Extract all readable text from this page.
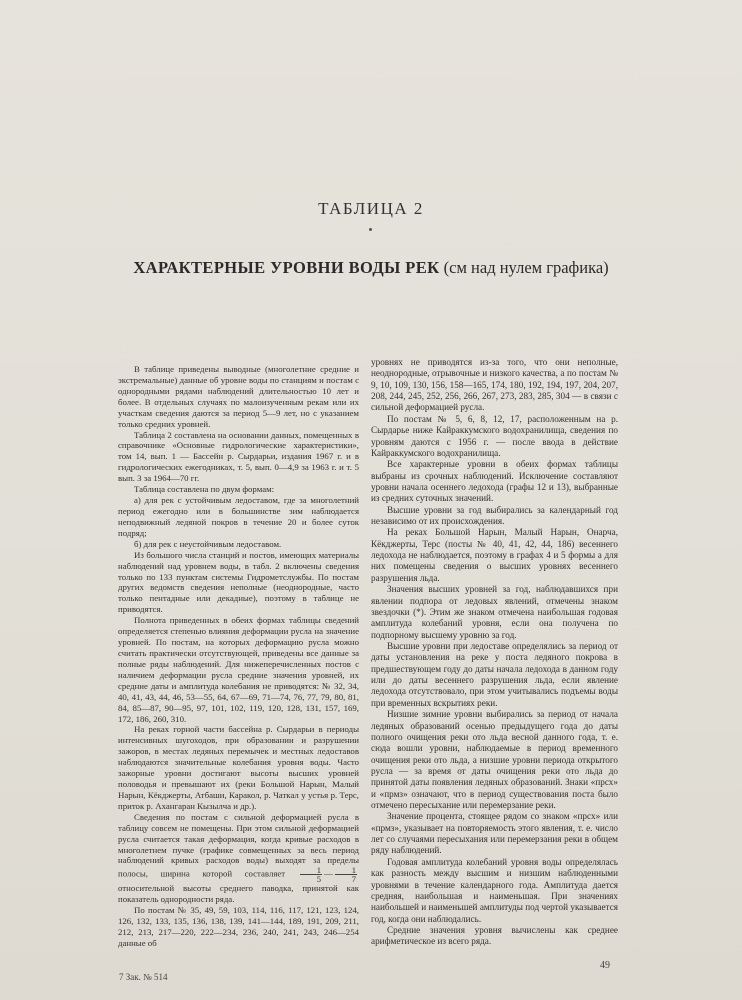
ТАБЛИЦА 2
ХАРАКТЕРНЫЕ УРОВНИ ВОДЫ РЕК (см над нулем графика)

В таблице приведены выводные (многолетние средние и экстремальные) данные об уровне воды по станциям и постам с однородными рядами наблюдений длительностью 10 лет и более. В отдельных случаях по малоизученным рекам или их участкам сведения даются за период 5—9 лет, но с указанием только средних уровней.

Таблица 2 составлена на основании данных, помещенных в справочнике «Основные гидрологические характеристики», том 14, вып. 1 — Бассейн р. Сырдарьи, издания 1967 г. и в гидрологических ежегодниках, т. 5, вып. 0—4,9 за 1963 г. и т. 5 вып. 3 за 1964—70 гг.

Таблица составлена по двум формам:

а) для рек с устойчивым ледоставом, где за многолетний период ежегодно или в большинстве зим наблюдается неподвижный ледяной покров в течение 20 и более суток подряд;

б) для рек с неустойчивым ледоставом.

Из большого числа станций и постов, имеющих материалы наблюдений над уровнем воды, в табл. 2 включены сведения только по 133 пунктам системы Гидрометслужбы. По постам других ведомств сведения неполные (неоднородные, часто только пентадные или декадные), поэтому в таблице не приводятся.

Полнота приведенных в обеих формах таблицы сведений определяется степенью влияния деформации русла на значение уровней. По постам, на которых деформацию русла можно считать практически отсутствующей, приведены все данные за полные ряды наблюдений. Для нижеперечисленных постов с наличием деформации русла средние значения уровней, их средние даты и амплитуда колебания не приводятся: № 32, 34, 40, 41, 43, 44, 46, 53—55, 64, 67—69, 71—74, 76, 77, 79, 80, 81, 84, 85—87, 90—95, 97, 101, 102, 119, 120, 128, 131, 157, 169, 172, 186, 260, 310.

На реках горной части бассейна р. Сырдарьи в периоды интенсивных шугоходов, при образовании и разрушении зажоров, в местах ледяных перемычек и местных ледоставов наблюдаются значительные колебания уровня воды. Часто зажорные уровни достигают высоты высших уровней половодья и превышают их (реки Большой Нарын, Малый Нарын, Кёкджерты, Атбаши, Каракол, р. Чаткал у устья р. Терс, приток р. Ахангаран Кызылча и др.).

Сведения по постам с сильной деформацией русла в таблицу совсем не помещены. При этом сильной деформацией русла считается такая деформация, когда кривые расходов в многолетнем пучке (графике совмещенных за весь период наблюдений кривых расходов воды) выходят за пределы полосы, ширина которой составляет $\frac{1}{5}$ — $\frac{1}{7}$
относительной высоты среднего паводка, принятой как показатель однородности ряда.

По постам № 35, 49, 59, 103, 114, 116, 117, 121, 123, 124, 126, 132, 133, 135, 136, 138, 139, 141—144, 189, 191, 209, 211, 212, 213, 217—220, 222—234, 236, 240, 241, 243, 246—254 данные об

уровнях не приводятся из-за того, что они неполные, неоднородные, отрывочные и низкого качества, а по постам № 9, 10, 109, 130, 156, 158—165, 174, 180, 192, 194, 197, 204, 207, 208, 244, 245, 252, 256, 266, 267, 273, 283, 285, 304 — в связи с сильной деформацией русла.

По постам № 5, 6, 8, 12, 17, расположенным на р. Сырдарье ниже Кайраккумского водохранилища, сведения по уровням даются с 1956 г. — после ввода в действие Кайраккумского водохранилища.

Все характерные уровни в обеих формах таблицы выбраны из срочных наблюдений. Исключение составляют уровни начала осеннего ледохода (графы 12 и 13), выбранные из средних суточных значений.

Высшие уровни за год выбирались за календарный год независимо от их происхождения.

На реках Большой Нарын, Малый Нарын, Онарча, Кёкджерты, Терс (посты № 40, 41, 42, 44, 186) весеннего ледохода не наблюдается, поэтому в графах 4 и 5 формы а для них помещены сведения о высших уровнях весеннего разрушения льда.

Значения высших уровней за год, наблюдавшихся при явлении подпора от ледовых явлений, отмечены знаком звездочки (*). Этим же знаком отмечена наибольшая годовая амплитуда колебаний уровня, если она получена по подпорному высшему уровню за год.

Высшие уровни при ледоставе определялись за период от даты установления на реке у поста ледяного покрова в предшествующем году до даты начала ледохода в данном году или до даты весеннего разрушения льда, если явление ледохода отсутствовало, при этом учитывались подъемы воды при временных вскрытиях реки.

Низшие зимние уровни выбирались за период от начала ледяных образований осенью предыдущего года до даты полного очищения реки ото льда весной данного года, т. е. сюда вошли уровни, наблюдаемые в период временного очищения реки ото льда, а низшие уровни периода открытого русла — за время от даты очищения реки ото льда до принятой даты появления ледяных образований. Знаки «прсх» и «прмз» означают, что в период существования поста было отмечено пересыхание или перемерзание реки.

Значение процента, стоящее рядом со знаком «прсх» или «прмз», указывает на повторяемость этого явления, т. е. число лет со случаями пересыхания или перемерзания реки в общем ряду наблюдений.

Годовая амплитуда колебаний уровня воды определялась как разность между высшим и низшим наблюденными уровнями в течение календарного года. Амплитуда дается средняя, наибольшая и наименьшая. При значениях наибольшей и наименьшей амплитуды под чертой указывается год, когда они наблюдались.

Средние значения уровня вычислены как среднее арифметическое из всего ряда.

7 Зак. № 514
49
